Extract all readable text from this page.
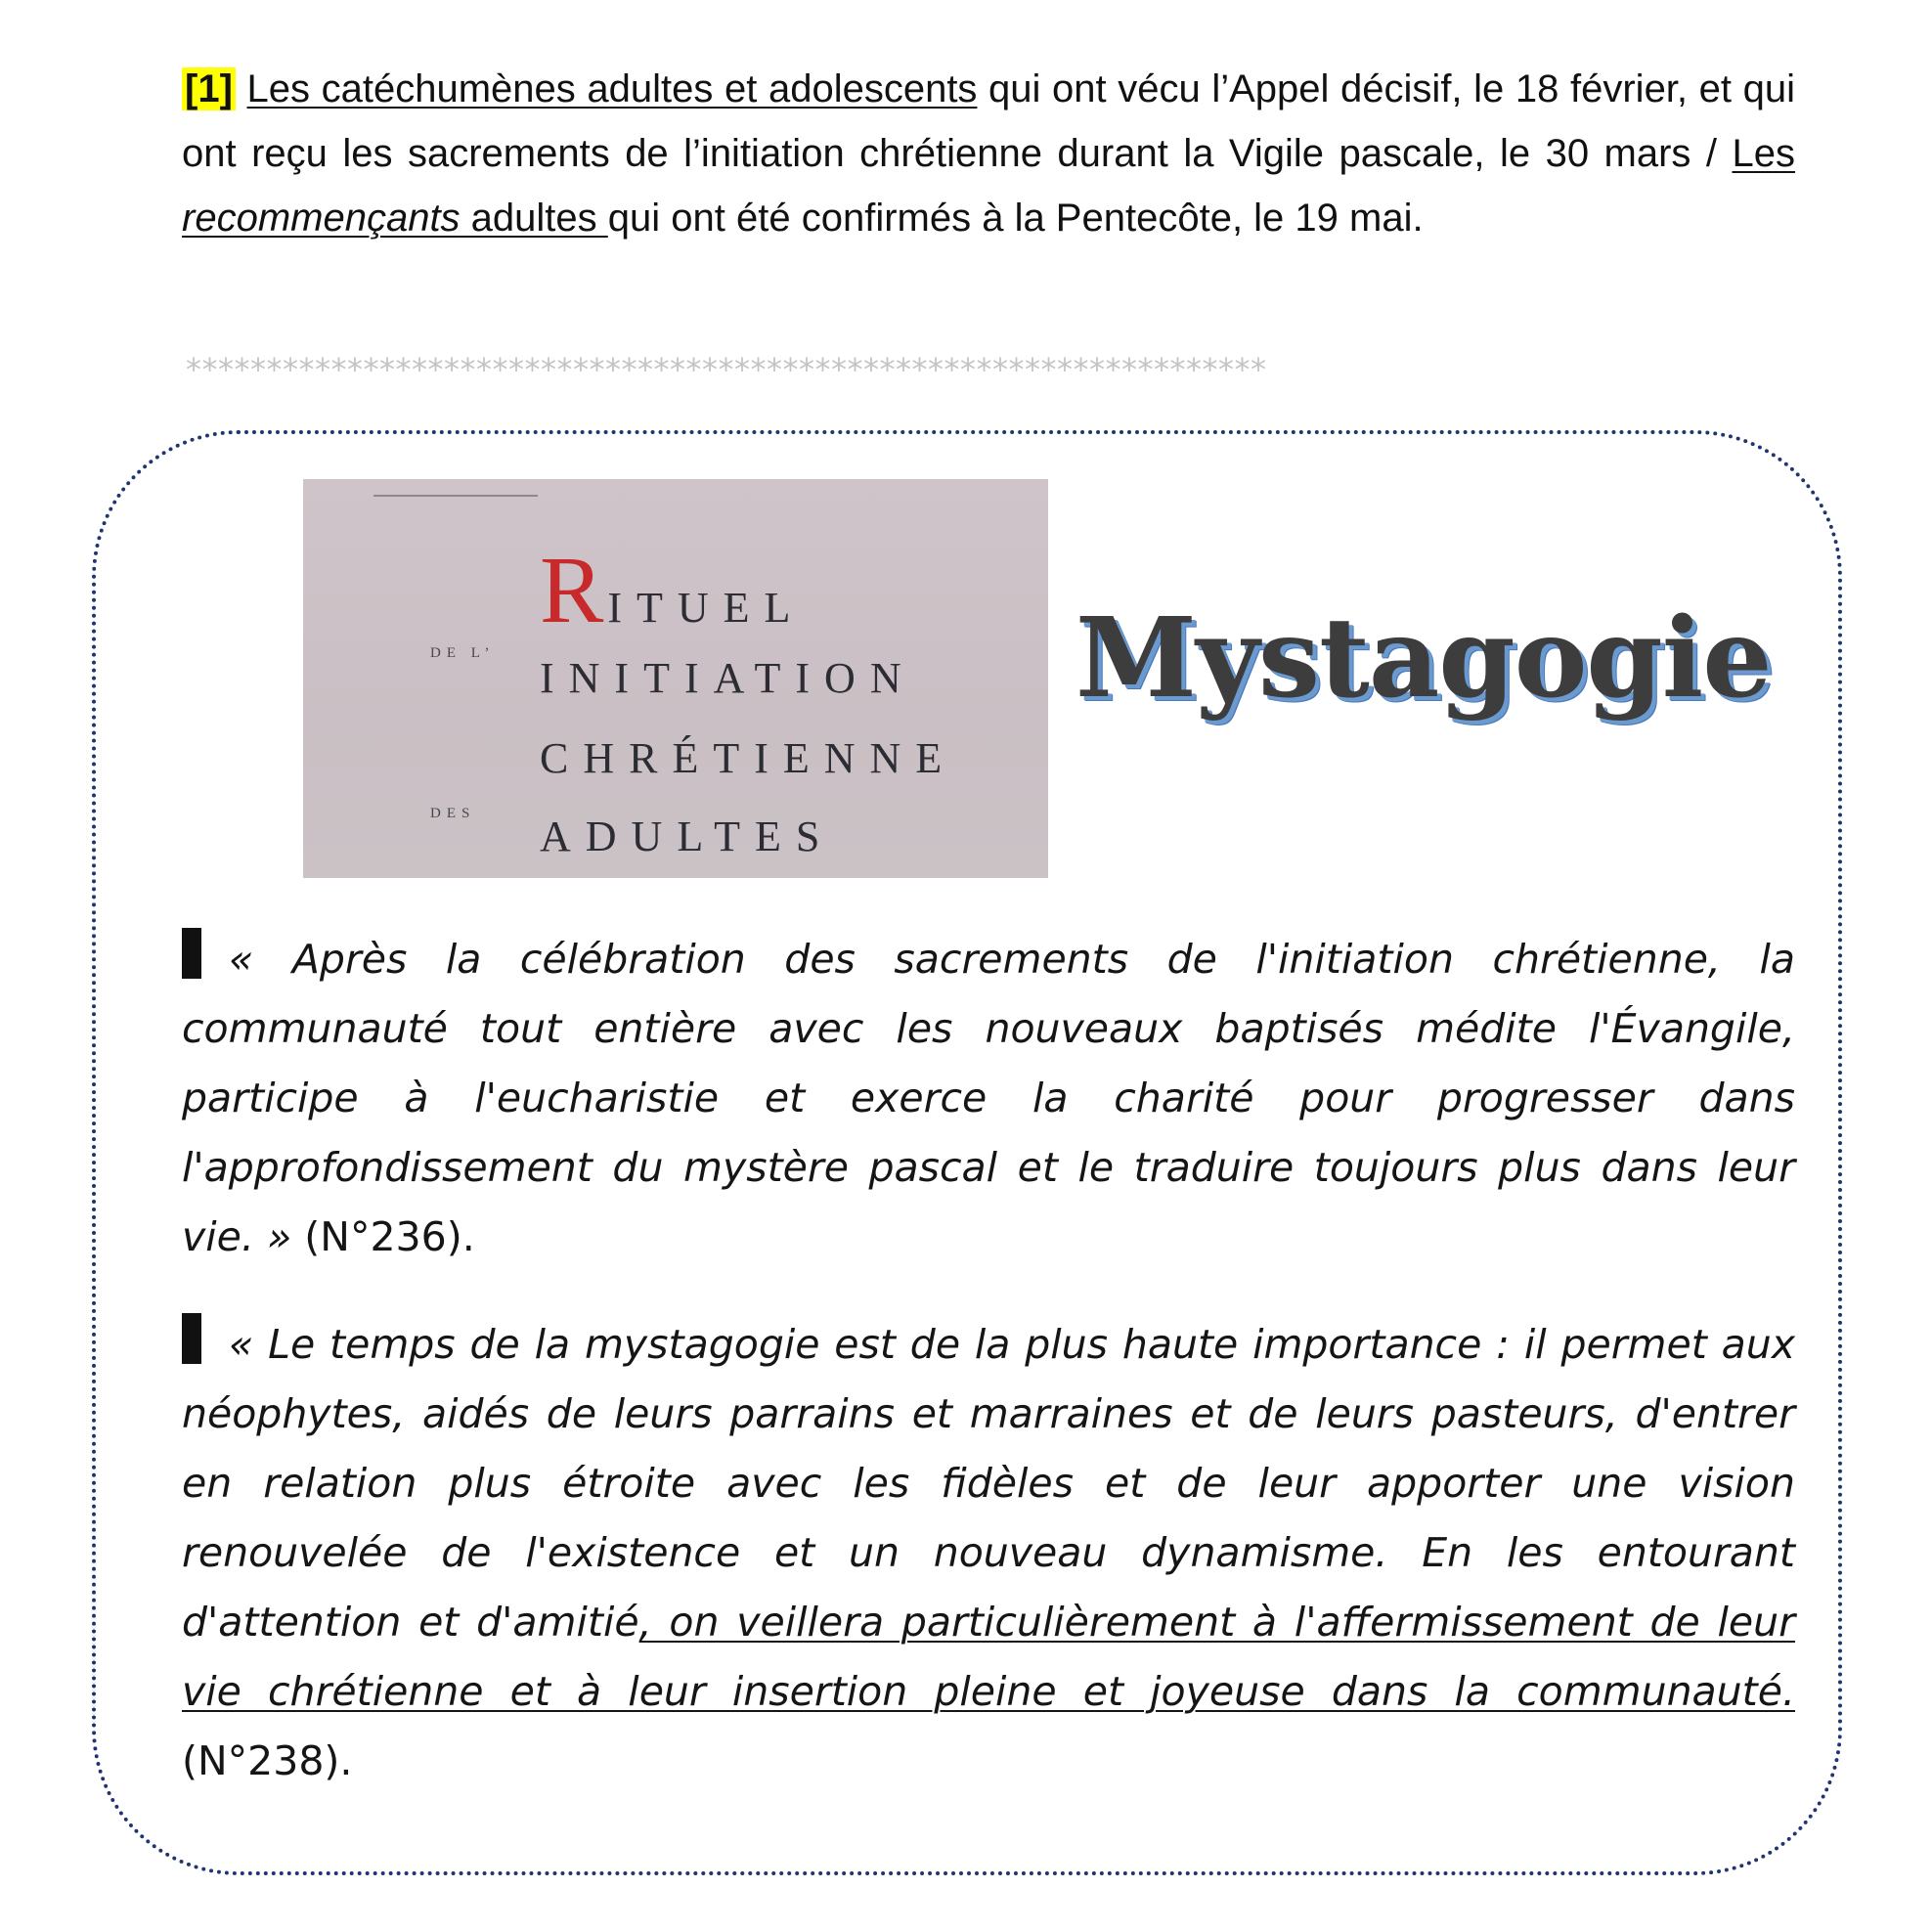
[1] Les catéchumènes adultes et adolescents qui ont vécu l’Appel décisif, le 18 février, et qui ont reçu les sacrements de l’initiation chrétienne durant la Vigile pascale, le 30 mars / Les recommençants adultes qui ont été confirmés à la Pentecôte, le 19 mai.

*******************************************************************
RITUEL
DE L’
INITIATION
CHRÉTIENNE
DES ADULTES
Mystagogie

« Après la célébration des sacrements de l'initiation chrétienne, la communauté tout entière avec les nouveaux baptisés médite l'Évangile, participe à l'eucharistie et exerce la charité pour progresser dans l'approfondissement du mystère pascal et le traduire toujours plus dans leur vie. » (N°236).

« Le temps de la mystagogie est de la plus haute importance : il permet aux néophytes, aidés de leurs parrains et marraines et de leurs pasteurs, d'entrer en relation plus étroite avec les fidèles et de leur apporter une vision renouvelée de l'existence et un nouveau dynamisme. En les entourant d'attention et d'amitié, on veillera particulièrement à l'affermissement de leur vie chrétienne et à leur insertion pleine et joyeuse dans la communauté. (N°238).
